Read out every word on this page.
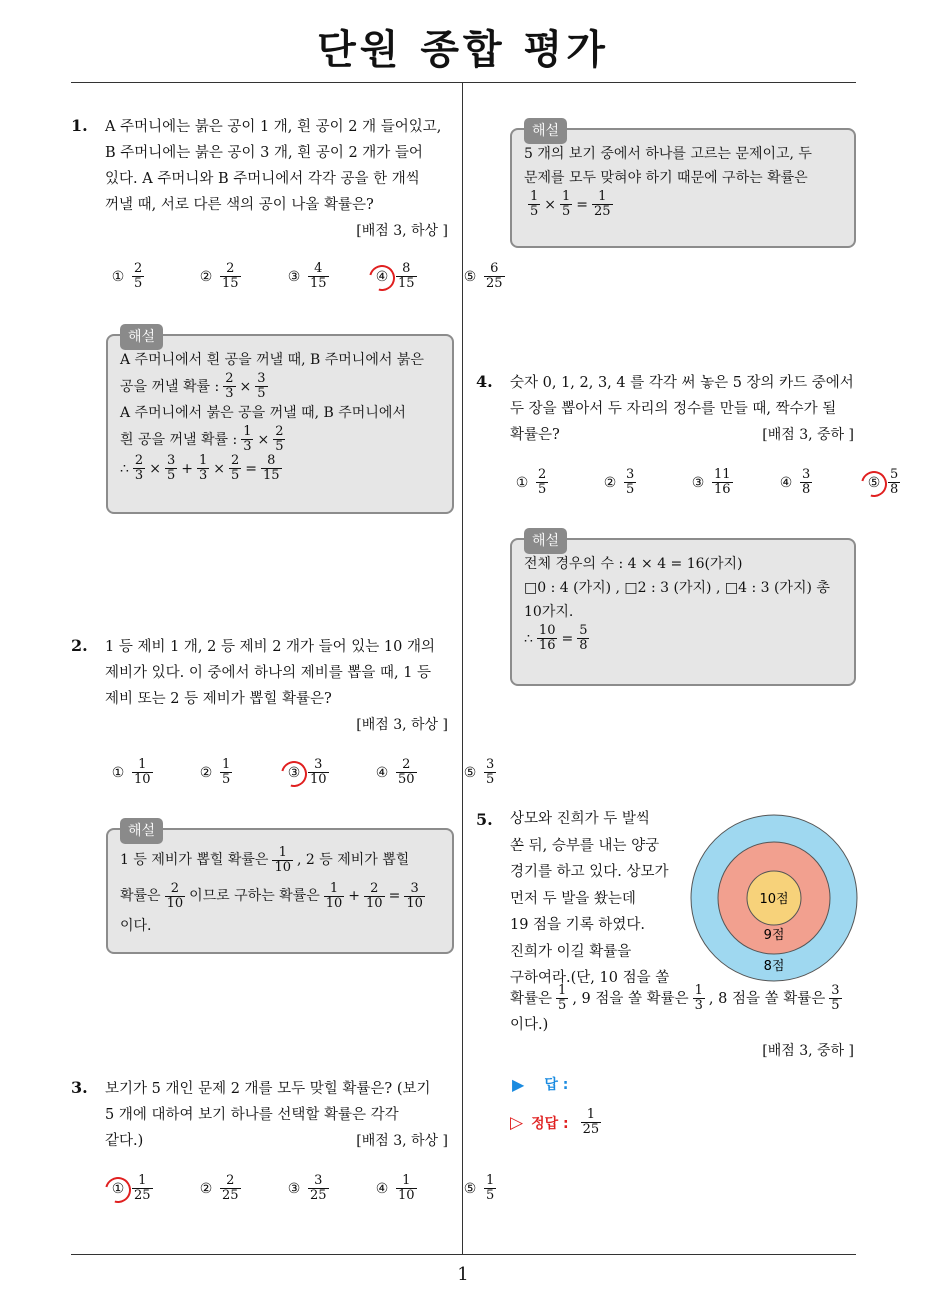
단원 종합 평가
1
1. A 주머니에는 붉은 공이 1 개, 흰 공이 2 개 들어있고,
B 주머니에는 붉은 공이 3 개, 흰 공이 2 개가 들어
있다. A 주머니와 B 주머니에서 각각 공을 한 개씩
꺼낼 때, 서로 다른 색의 공이 나올 확률은?
[배점 3, 하상 ]
① $\frac{2}{5}$	② $\frac{2}{15}$	③ $\frac{4}{15}$	④ $\frac{8}{15}$	⑤ $\frac{6}{25}$
해설
A 주머니에서 흰 공을 꺼낼 때, B 주머니에서 붉은
공을 꺼낼 확률 : $\frac{2}{3} \times \frac{3}{5}$
A 주머니에서 붉은 공을 꺼낼 때, B 주머니에서
흰 공을 꺼낼 확률 : $\frac{1}{3} \times \frac{2}{5}$
∴ $\frac{2}{3} \times \frac{3}{5} + \frac{1}{3} \times \frac{2}{5} = \frac{8}{15}$
2. 1 등 제비 1 개, 2 등 제비 2 개가 들어 있는 10 개의
제비가 있다. 이 중에서 하나의 제비를 뽑을 때, 1 등
제비 또는 2 등 제비가 뽑힐 확률은?
[배점 3, 하상 ]
① $\frac{1}{10}$	② $\frac{1}{5}$	③ $\frac{3}{10}$	④ $\frac{2}{50}$	⑤ $\frac{3}{5}$
해설
1 등 제비가 뽑힐 확률은 $\frac{1}{10}$ , 2 등 제비가 뽑힐
확률은 $\frac{2}{10}$ 이므로 구하는 확률은 $\frac{1}{10} + \frac{2}{10} = \frac{3}{10}$
이다.
3. 보기가 5 개인 문제 2 개를 모두 맞힐 확률은? (보기
5 개에 대하여 보기 하나를 선택할 확률은 각각
같다.)	[배점 3, 하상 ]
① $\frac{1}{25}$	② $\frac{2}{25}$	③ $\frac{3}{25}$	④ $\frac{1}{10}$	⑤ $\frac{1}{5}$
해설
5 개의 보기 중에서 하나를 고르는 문제이고, 두
문제를 모두 맞혀야 하기 때문에 구하는 확률은
$\frac{1}{5} \times \frac{1}{5} = \frac{1}{25}$
4. 숫자 0, 1, 2, 3, 4 를 각각 써 놓은 5 장의 카드 중에서
두 장을 뽑아서 두 자리의 정수를 만들 때, 짝수가 될
확률은?	[배점 3, 중하 ]
① $\frac{2}{5}$	② $\frac{3}{5}$	③ $\frac{11}{16}$	④ $\frac{3}{8}$	⑤ $\frac{5}{8}$
해설
전체 경우의 수 : 4 × 4 = 16(가지)
□0 : 4 (가지) , □2 : 3 (가지) , □4 : 3 (가지) 총
10가지.
∴ $\frac{10}{16} = \frac{5}{8}$
5. 상모와 진희가 두 발씩
쏜 뒤, 승부를 내는 양궁
경기를 하고 있다. 상모가
먼저 두 발을 쐈는데
19 점을 기록 하였다.
진희가 이길 확률을
구하여라.(단, 10 점을 쏠
확률은 $\frac{1}{5}$ , 9 점을 쏠 확률은 $\frac{1}{3}$ , 8 점을 쏠 확률은 $\frac{3}{5}$
이다.)
[배점 3, 중하 ]
10점
9점
8점
▶ 답 :
▷ 정답 : $\frac{1}{25}$
